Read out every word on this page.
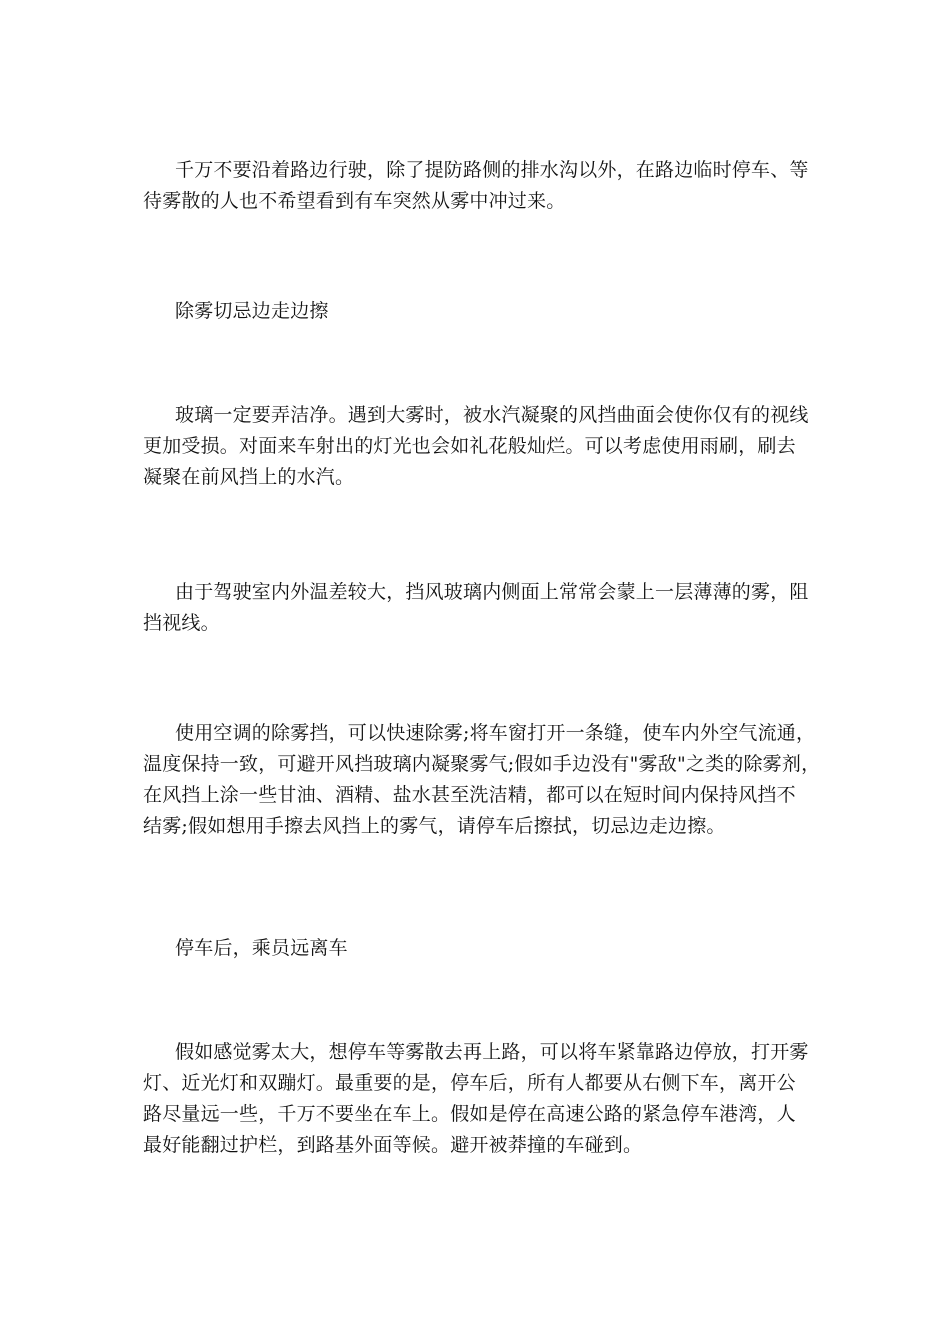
千万不要沿着路边行驶，除了提防路侧的排水沟以外，在路边临时停车、等
待雾散的人也不希望看到有车突然从雾中冲过来。

除雾切忌边走边擦

玻璃一定要弄洁净。遇到大雾时，被水汽凝聚的风挡曲面会使你仅有的视线
更加受损。对面来车射出的灯光也会如礼花般灿烂。可以考虑使用雨刷，刷去
凝聚在前风挡上的水汽。

由于驾驶室内外温差较大，挡风玻璃内侧面上常常会蒙上一层薄薄的雾，阻
挡视线。

使用空调的除雾挡，可以快速除雾;将车窗打开一条缝，使车内外空气流通，
温度保持一致，可避开风挡玻璃内凝聚雾气;假如手边没有"雾敌"之类的除雾剂，
在风挡上涂一些甘油、酒精、盐水甚至洗洁精，都可以在短时间内保持风挡不
结雾;假如想用手擦去风挡上的雾气，请停车后擦拭，切忌边走边擦。

停车后，乘员远离车

假如感觉雾太大，想停车等雾散去再上路，可以将车紧靠路边停放，打开雾
灯、近光灯和双蹦灯。最重要的是，停车后，所有人都要从右侧下车，离开公
路尽量远一些，千万不要坐在车上。假如是停在高速公路的紧急停车港湾，人
最好能翻过护栏，到路基外面等候。避开被莽撞的车碰到。
